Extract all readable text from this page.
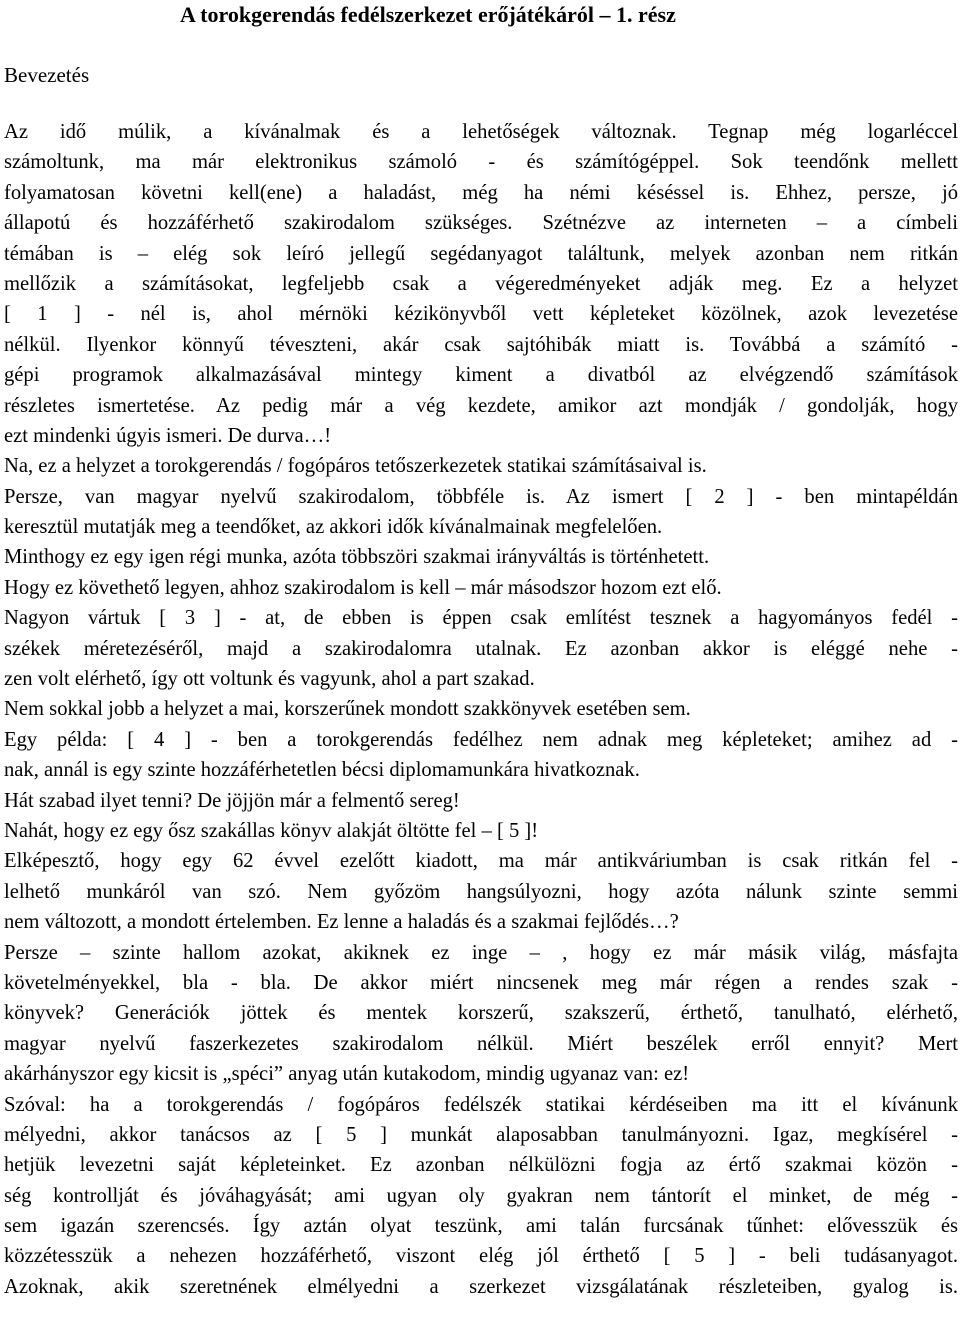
A torokgerendás fedélszerkezet erőjátékáról – 1. rész
Bevezetés
Az idő múlik, a kívánalmak és a lehetőségek változnak. Tegnap még logarléccel
számoltunk, ma már elektronikus számoló - és számítógéppel. Sok teendőnk mellett
folyamatosan követni kell(ene) a haladást, még ha némi késéssel is. Ehhez, persze, jó
állapotú és hozzáférhető szakirodalom szükséges. Szétnézve az interneten – a címbeli
témában is – elég sok leíró jellegű segédanyagot találtunk, melyek azonban nem ritkán
mellőzik a számításokat, legfeljebb csak a végeredményeket adják meg. Ez a helyzet
[ 1 ] - nél is, ahol mérnöki kézikönyvből vett képleteket közölnek, azok levezetése
nélkül. Ilyenkor könnyű téveszteni, akár csak sajtóhibák miatt is. Továbbá a számító -
gépi programok alkalmazásával mintegy kiment a divatból az elvégzendő számítások
részletes ismertetése. Az pedig már a vég kezdete, amikor azt mondják / gondolják, hogy
ezt mindenki úgyis ismeri. De durva…!
Na, ez a helyzet a torokgerendás / fogópáros tetőszerkezetek statikai számításaival is.
Persze, van magyar nyelvű szakirodalom, többféle is. Az ismert [ 2 ] - ben mintapéldán
keresztül mutatják meg a teendőket, az akkori idők kívánalmainak megfelelően.
Minthogy ez egy igen régi munka, azóta többszöri szakmai irányváltás is történhetett.
Hogy ez követhető legyen, ahhoz szakirodalom is kell – már másodszor hozom ezt elő.
Nagyon vártuk [ 3 ] - at, de ebben is éppen csak említést tesznek a hagyományos fedél -
székek méretezéséről, majd a szakirodalomra utalnak. Ez azonban akkor is eléggé nehe -
zen volt elérhető, így ott voltunk és vagyunk, ahol a part szakad.
Nem sokkal jobb a helyzet a mai, korszerűnek mondott szakkönyvek esetében sem.
Egy példa: [ 4 ] - ben a torokgerendás fedélhez nem adnak meg képleteket; amihez ad -
nak, annál is egy szinte hozzáférhetetlen bécsi diplomamunkára hivatkoznak.
Hát szabad ilyet tenni? De jöjjön már a felmentő sereg!
Nahát, hogy ez egy ősz szakállas könyv alakját öltötte fel – [ 5 ]!
Elképesztő, hogy egy 62 évvel ezelőtt kiadott, ma már antikváriumban is csak ritkán fel -
lelhető munkáról van szó. Nem győzöm hangsúlyozni, hogy azóta nálunk szinte semmi
nem változott, a mondott értelemben. Ez lenne a haladás és a szakmai fejlődés…?
Persze – szinte hallom azokat, akiknek ez inge – , hogy ez már másik világ, másfajta
követelményekkel, bla - bla. De akkor miért nincsenek meg már régen a rendes szak -
könyvek? Generációk jöttek és mentek korszerű, szakszerű, érthető, tanulható, elérhető,
magyar nyelvű faszerkezetes szakirodalom nélkül. Miért beszélek erről ennyit? Mert
akárhányszor egy kicsit is „spéci” anyag után kutakodom, mindig ugyanaz van: ez!
Szóval: ha a torokgerendás / fogópáros fedélszék statikai kérdéseiben ma itt el kívánunk
mélyedni, akkor tanácsos az [ 5 ] munkát alaposabban tanulmányozni. Igaz, megkísérel -
hetjük levezetni saját képleteinket. Ez azonban nélkülözni fogja az értő szakmai közön -
ség kontrollját és jóváhagyását; ami ugyan oly gyakran nem tántorít el minket, de még -
sem igazán szerencsés. Így aztán olyat teszünk, ami talán furcsának tűnhet: elővesszük és
közzétesszük a nehezen hozzáférhető, viszont elég jól érthető [ 5 ] - beli tudásanyagot.
Azoknak, akik szeretnének elmélyedni a szerkezet vizsgálatának részleteiben, gyalog is.
